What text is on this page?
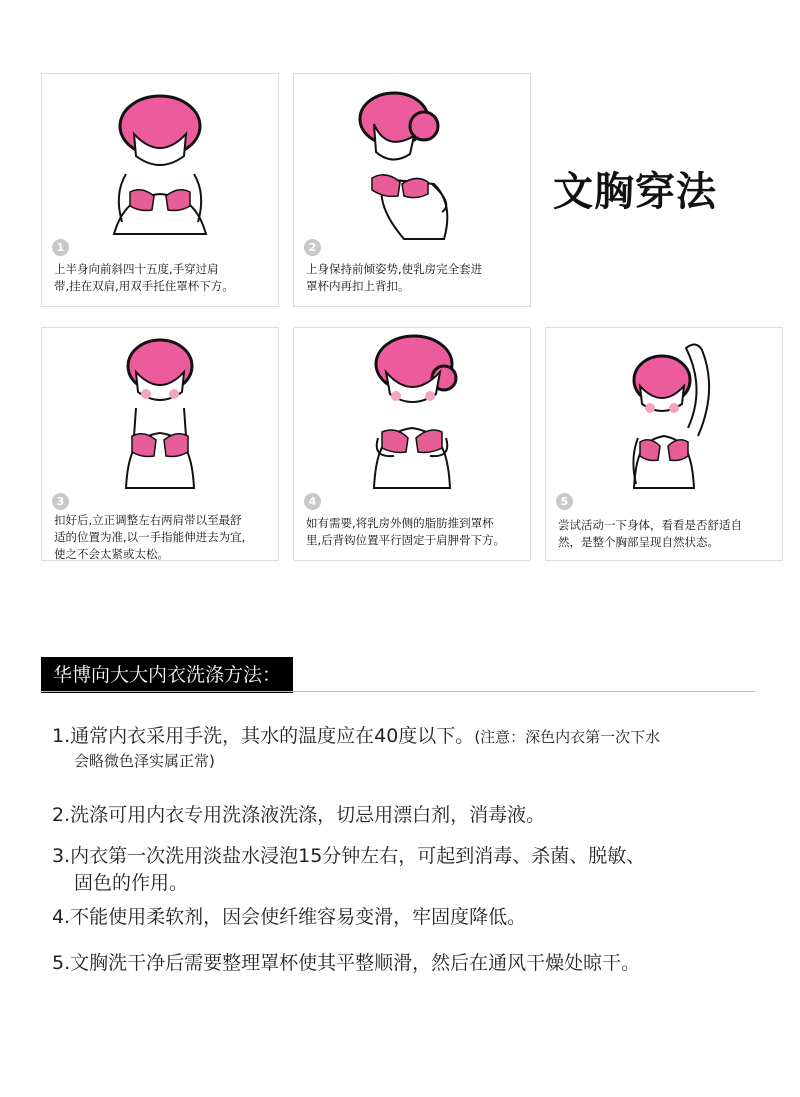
1
上半身向前斜四十五度,手穿过肩
带,挂在双肩,用双手托住罩杯下方。
2
上身保持前倾姿势,使乳房完全套进
罩杯内再扣上背扣。
文胸穿法
3
扣好后,立正调整左右两肩带以至最舒
适的位置为准,以一手指能伸进去为宜,
使之不会太紧或太松。
4
如有需要,将乳房外侧的脂肪推到罩杯
里,后背钩位置平行固定于肩胛骨下方。
5
尝试活动一下身体，看看是否舒适自
然，是整个胸部呈现自然状态。
华博向大大内衣洗涤方法：
1.通常内衣采用手洗，其水的温度应在40度以下。(注意：深色内衣第一次下水
会略微色泽实属正常)
2.洗涤可用内衣专用洗涤液洗涤，切忌用漂白剂，消毒液。
3.内衣第一次洗用淡盐水浸泡15分钟左右，可起到消毒、杀菌、脱敏、
固色的作用。
4.不能使用柔软剂，因会使纤维容易变滑，牢固度降低。
5.文胸洗干净后需要整理罩杯使其平整顺滑，然后在通风干燥处晾干。
